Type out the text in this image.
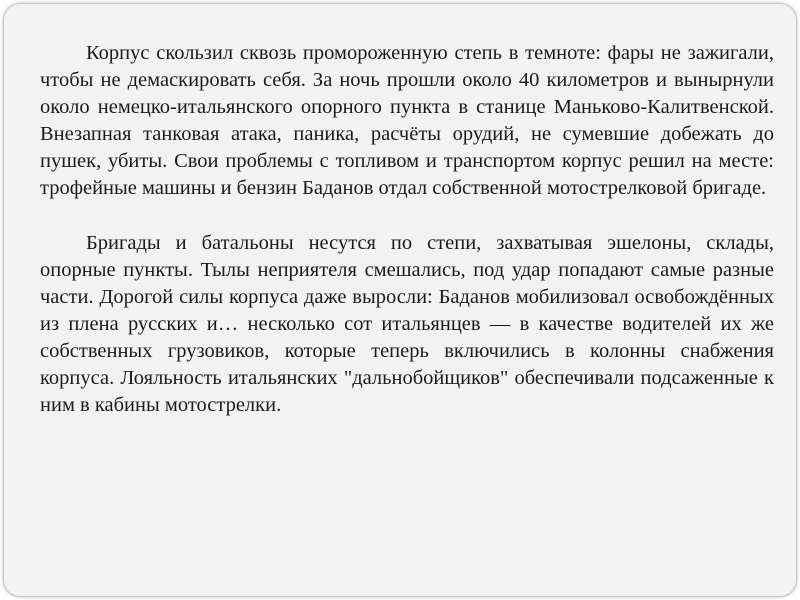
Корпус скользил сквозь промороженную степь в темноте: фары не зажигали, чтобы не демаскировать себя. За ночь прошли около 40 километров и вынырнули около немецко-итальянского опорного пункта в станице Маньково-Калитвенской. Внезапная танковая атака, паника, расчёты орудий, не сумевшие добежать до пушек, убиты. Свои проблемы с топливом и транспортом корпус решил на месте: трофейные машины и бензин Баданов отдал собственной мотострелковой бригаде.

Бригады и батальоны несутся по степи, захватывая эшелоны, склады, опорные пункты. Тылы неприятеля смешались, под удар попадают самые разные части. Дорогой силы корпуса даже выросли: Баданов мобилизовал освобождённых из плена русских и… несколько сот итальянцев — в качестве водителей их же собственных грузовиков, которые теперь включились в колонны снабжения корпуса. Лояльность итальянских "дальнобойщиков" обеспечивали подсаженные к ним в кабины мотострелки.
